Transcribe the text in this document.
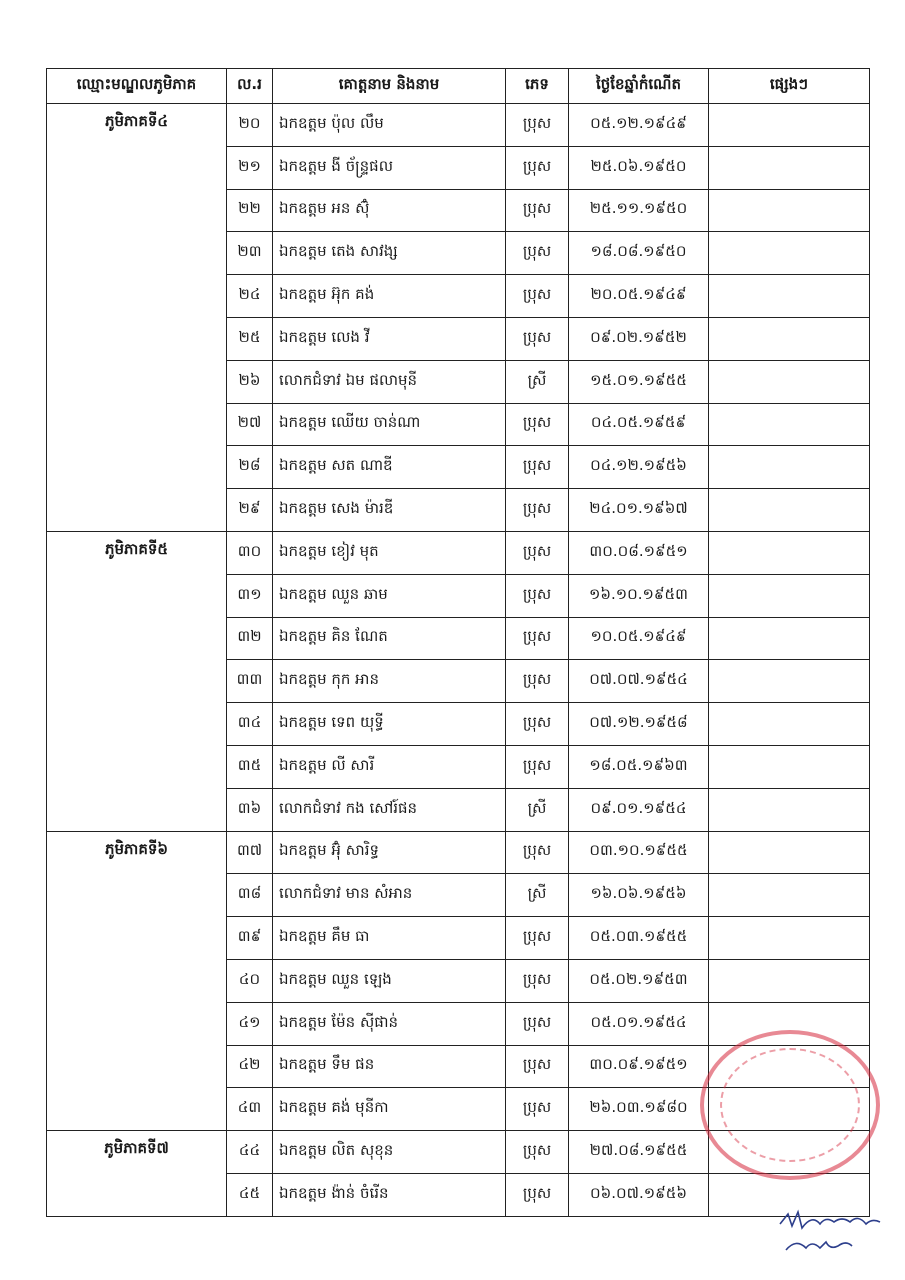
ឈ្មោះមណ្ឌលភូមិភាគ	ល.រ	គោត្តនាម និងនាម	ភេទ	ថ្ងៃខែឆ្នាំកំណើត	ផ្សេងៗ
ភូមិភាគទី៤	២០	ឯកឧត្តម ប៉ុល លឹម	ប្រុស	០៥.១២.១៩៤៩	
	២១	ឯកឧត្តម ងី ច័ន្ទ្រផល	ប្រុស	២៥.០៦.១៩៥០	
	២២	ឯកឧត្តម អន ស៊ុំ	ប្រុស	២៥.១១.១៩៥០	
	២៣	ឯកឧត្តម តេង សាវង្ស	ប្រុស	១៨.០៨.១៩៥០	
	២៤	ឯកឧត្តម អ៊ុក គង់	ប្រុស	២០.០៥.១៩៤៩	
	២៥	ឯកឧត្តម លេង វី	ប្រុស	០៩.០២.១៩៥២	
	២៦	លោកជំទាវ ឯម ផលាមុនី	ស្រី	១៥.០១.១៩៥៥	
	២៧	ឯកឧត្តម ឈើយ ចាន់ណា	ប្រុស	០៤.០៥.១៩៥៩	
	២៨	ឯកឧត្តម សត ណាឌី	ប្រុស	០៤.១២.១៩៥៦	
	២៩	ឯកឧត្តម សេង ម៉ារឌី	ប្រុស	២៤.០១.១៩៦៧	
ភូមិភាគទី៥	៣០	ឯកឧត្តម ខៀវ មុត	ប្រុស	៣០.០៨.១៩៥១	
	៣១	ឯកឧត្តម ឈួន ឆាម	ប្រុស	១៦.១០.១៩៥៣	
	៣២	ឯកឧត្តម គិន ណែត	ប្រុស	១០.០៥.១៩៤៩	
	៣៣	ឯកឧត្តម កុក អាន	ប្រុស	០៧.០៧.១៩៥៤	
	៣៤	ឯកឧត្តម ទេព យុទ្ធី	ប្រុស	០៧.១២.១៩៥៨	
	៣៥	ឯកឧត្តម លី សារី	ប្រុស	១៨.០៥.១៩៦៣	
	៣៦	លោកជំទាវ កង សៅរ៍ផន	ស្រី	០៩.០១.១៩៥៤	
ភូមិភាគទី៦	៣៧	ឯកឧត្តម អ៊ុំ សារិទ្ធ	ប្រុស	០៣.១០.១៩៥៥	
	៣៨	លោកជំទាវ មាន សំអាន	ស្រី	១៦.០៦.១៩៥៦	
	៣៩	ឯកឧត្តម គឹម ធា	ប្រុស	០៥.០៣.១៩៥៥	
	៤០	ឯកឧត្តម ឈួន ឡេង	ប្រុស	០៥.០២.១៩៥៣	
	៤១	ឯកឧត្តម ម៉ែន ស៊ីផាន់	ប្រុស	០៥.០១.១៩៥៤	
	៤២	ឯកឧត្តម ទឹម ផន	ប្រុស	៣០.០៩.១៩៥១	
	៤៣	ឯកឧត្តម គង់ មុនីកា	ប្រុស	២៦.០៣.១៩៨០	
ភូមិភាគទី៧	៤៤	ឯកឧត្តម លិត សុខុន	ប្រុស	២៧.០៨.១៩៥៥	
	៤៥	ឯកឧត្តម ង៉ាន់ ចំរើន	ប្រុស	០៦.០៧.១៩៥៦	
